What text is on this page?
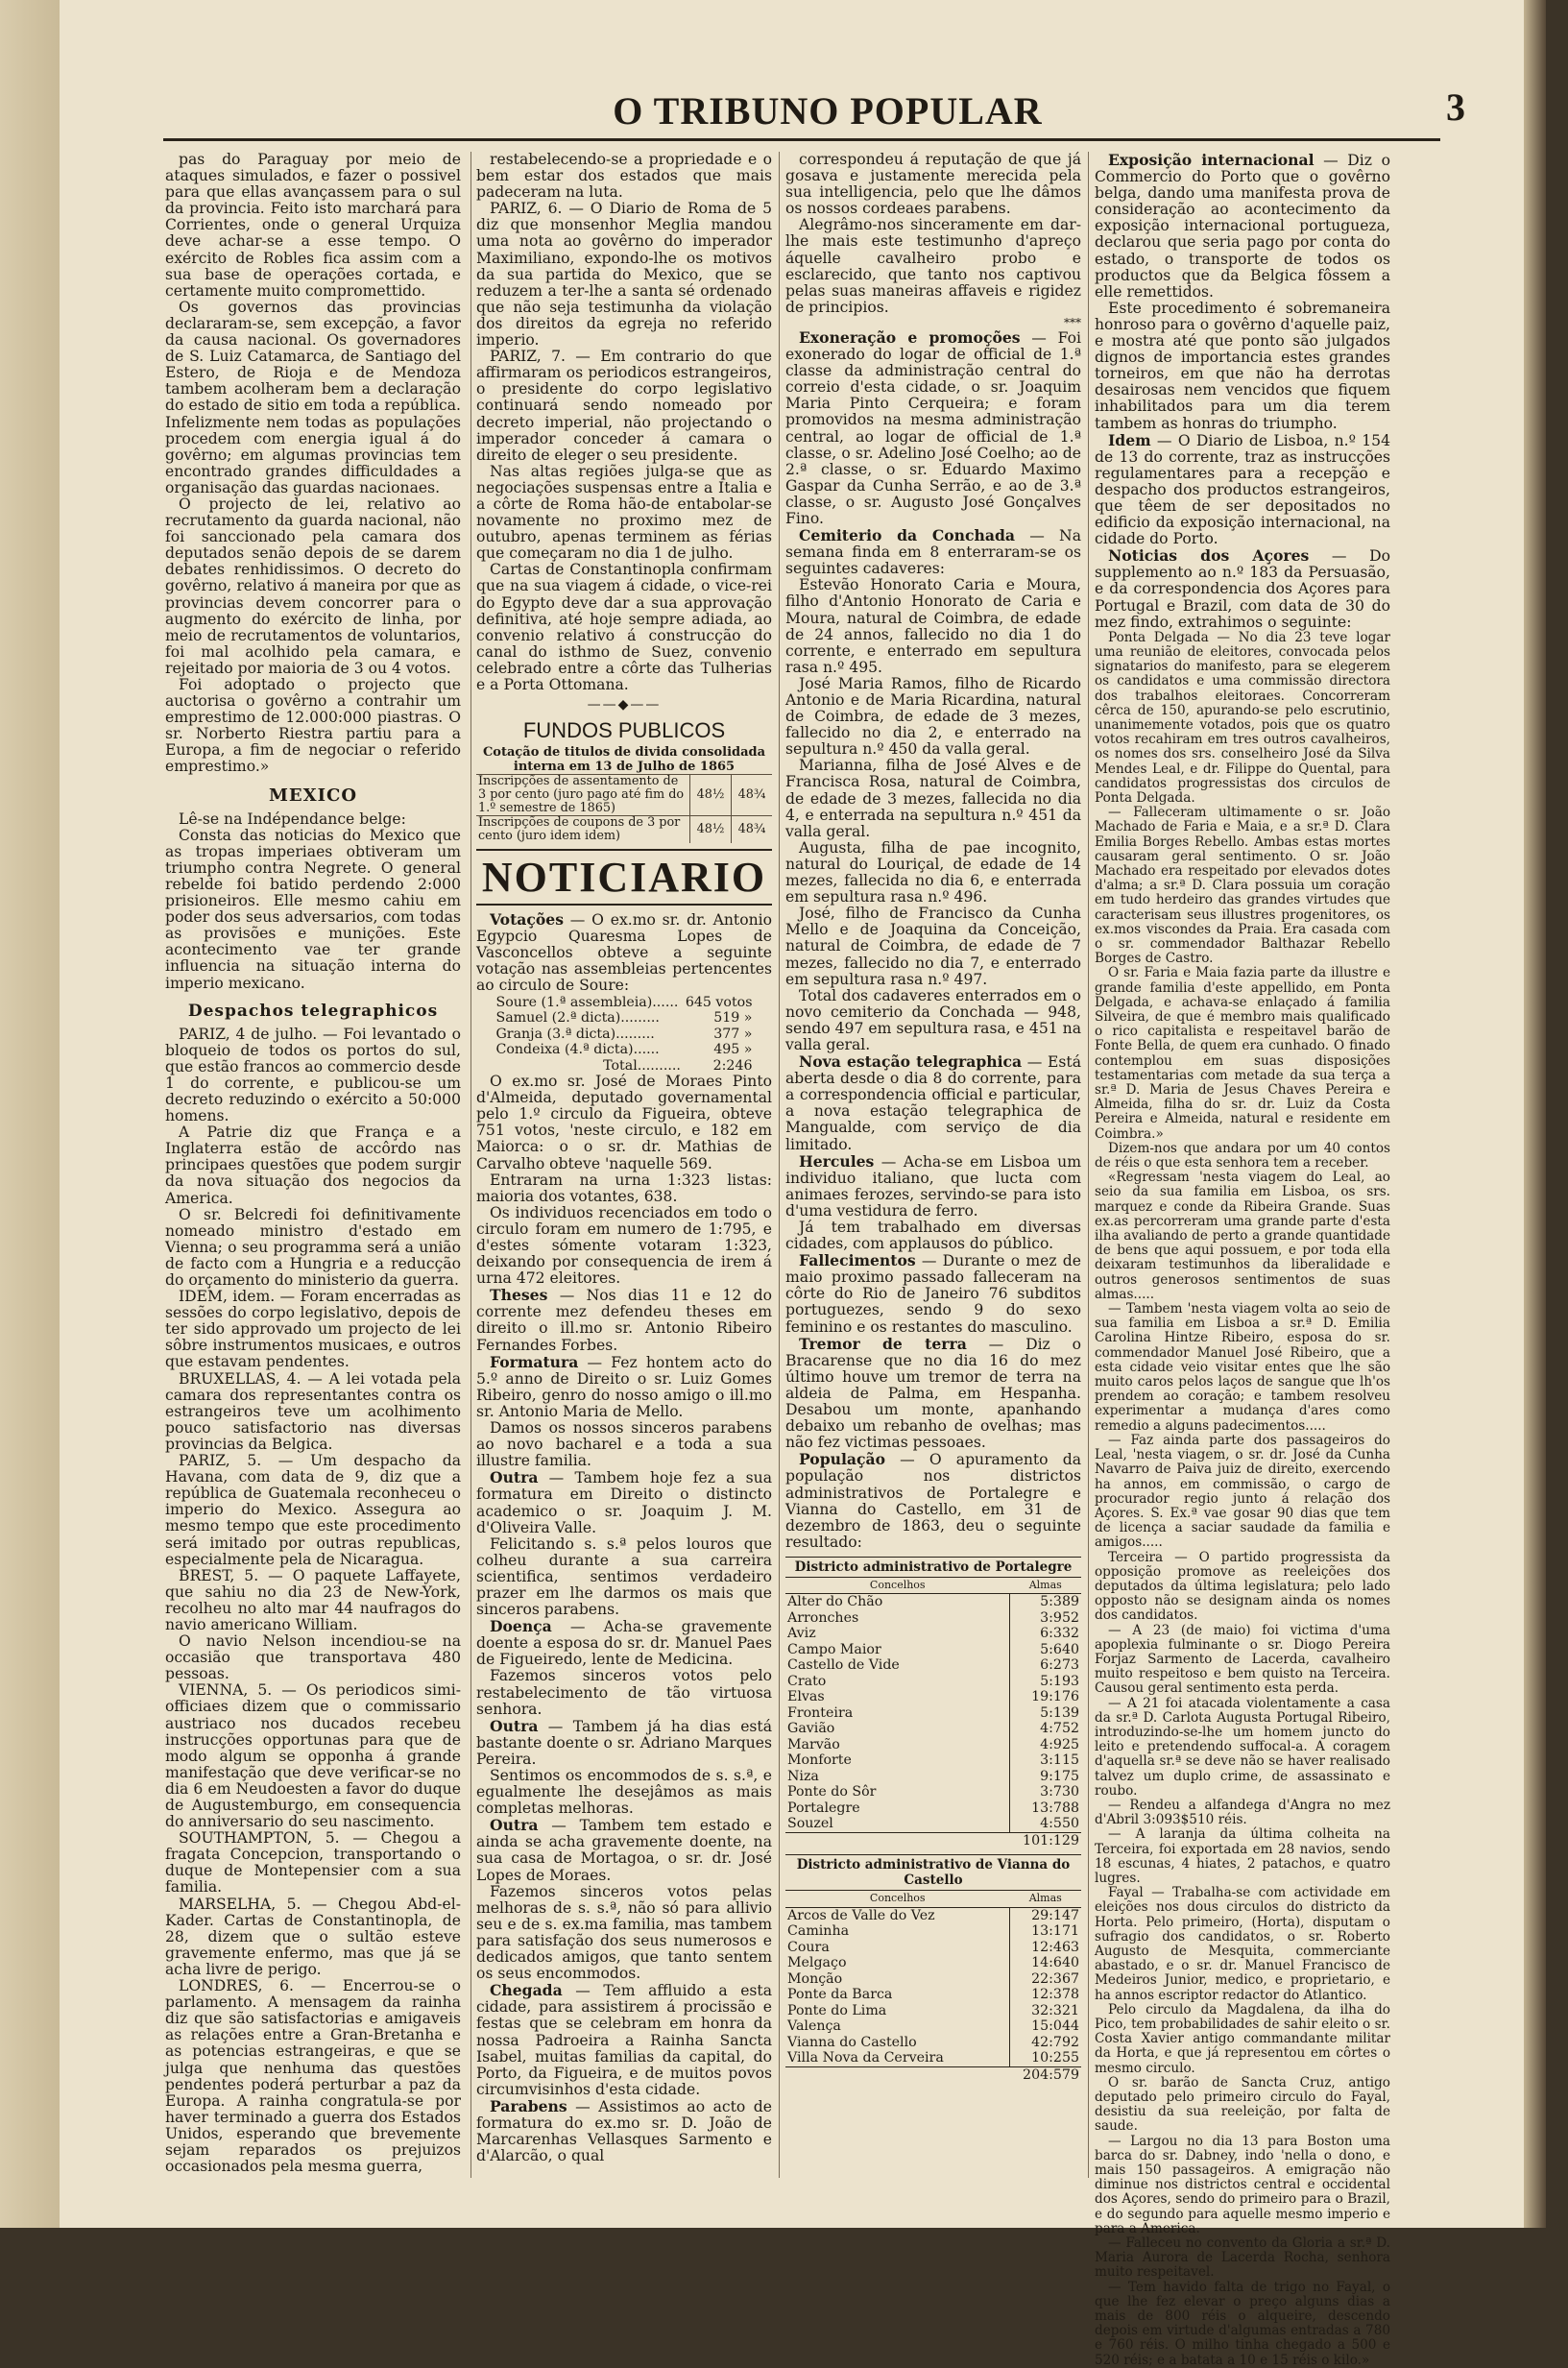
O TRIBUNO POPULAR	3

pas do Paraguay por meio de ataques simulados, e fazer o possivel para que ellas avançassem para o sul da provincia. Feito isto marchará para Corrientes, onde o general Urquiza deve achar-se a esse tempo. O exército de Robles fica assim com a sua base de operações cortada, e certamente muito compromettido.

Os governos das provincias declararam-se, sem excepção, a favor da causa nacional. Os governadores de S. Luiz Catamarca, de Santiago del Estero, de Rioja e de Mendoza tambem acolheram bem a declaração do estado de sitio em toda a república. Infelizmente nem todas as populações procedem com energia igual á do govêrno; em algumas provincias tem encontrado grandes difficuldades a organisação das guardas nacionaes.

O projecto de lei, relativo ao recrutamento da guarda nacional, não foi sanccionado pela camara dos deputados senão depois de se darem debates renhidissimos. O decreto do govêrno, relativo á maneira por que as provincias devem concorrer para o augmento do exército de linha, por meio de recrutamentos de voluntarios, foi mal acolhido pela camara, e rejeitado por maioria de 3 ou 4 votos.

Foi adoptado o projecto que auctorisa o govêrno a contrahir um emprestimo de 12.000:000 piastras. O sr. Norberto Riestra partiu para a Europa, a fim de negociar o referido emprestimo.»

MEXICO

Lê-se na Indépendance belge:

Consta das noticias do Mexico que as tropas imperiaes obtiveram um triumpho contra Negrete. O general rebelde foi batido perdendo 2:000 prisioneiros. Elle mesmo cahiu em poder dos seus adversarios, com todas as provisões e munições. Este acontecimento vae ter grande influencia na situação interna do imperio mexicano.

Despachos telegraphicos

PARIZ, 4 de julho. — Foi levantado o bloqueio de todos os portos do sul, que estão francos ao commercio desde 1 do corrente, e publicou-se um decreto reduzindo o exército a 50:000 homens.

A Patrie diz que França e a Inglaterra estão de accôrdo nas principaes questões que podem surgir da nova situação dos negocios da America.

O sr. Belcredi foi definitivamente nomeado ministro d'estado em Vienna; o seu programma será a união de facto com a Hungria e a reducção do orçamento do ministerio da guerra.

IDEM, idem. — Foram encerradas as sessões do corpo legislativo, depois de ter sido approvado um projecto de lei sôbre instrumentos musicaes, e outros que estavam pendentes.

BRUXELLAS, 4. — A lei votada pela camara dos representantes contra os estrangeiros teve um acolhimento pouco satisfactorio nas diversas provincias da Belgica.

PARIZ, 5. — Um despacho da Havana, com data de 9, diz que a república de Guatemala reconheceu o imperio do Mexico. Assegura ao mesmo tempo que este procedimento será imitado por outras republicas, especialmente pela de Nicaragua.

BREST, 5. — O paquete Laffayete, que sahiu no dia 23 de New-York, recolheu no alto mar 44 naufragos do navio americano William.

O navio Nelson incendiou-se na occasião que transportava 480 pessoas.

VIENNA, 5. — Os periodicos simi-officiaes dizem que o commissario austriaco nos ducados recebeu instrucções opportunas para que de modo algum se opponha á grande manifestação que deve verificar-se no dia 6 em Neudoesten a favor do duque de Augustemburgo, em consequencia do anniversario do seu nascimento.

SOUTHAMPTON, 5. — Chegou a fragata Concepcion, transportando o duque de Montepensier com a sua familia.

MARSELHA, 5. — Chegou Abd-el-Kader. Cartas de Constantinopla, de 28, dizem que o sultão esteve gravemente enfermo, mas que já se acha livre de perigo.

LONDRES, 6. — Encerrou-se o parlamento. A mensagem da rainha diz que são satisfactorias e amigaveis as relações entre a Gran-Bretanha e as potencias estrangeiras, e que se julga que nenhuma das questões pendentes poderá perturbar a paz da Europa. A rainha congratula-se por haver terminado a guerra dos Estados Unidos, esperando que brevemente sejam reparados os prejuizos occasionados pela mesma guerra,

restabelecendo-se a propriedade e o bem estar dos estados que mais padeceram na luta.

PARIZ, 6. — O Diario de Roma de 5 diz que monsenhor Meglia mandou uma nota ao govêrno do imperador Maximiliano, expondo-lhe os motivos da sua partida do Mexico, que se reduzem a ter-lhe a santa sé ordenado que não seja testimunha da violação dos direitos da egreja no referido imperio.

PARIZ, 7. — Em contrario do que affirmaram os periodicos estrangeiros, o presidente do corpo legislativo continuará sendo nomeado por decreto imperial, não projectando o imperador conceder á camara o direito de eleger o seu presidente.

Nas altas regiões julga-se que as negociações suspensas entre a Italia e a côrte de Roma hão-de entabolar-se novamente no proximo mez de outubro, apenas terminem as férias que começaram no dia 1 de julho.

Cartas de Constantinopla confirmam que na sua viagem á cidade, o vice-rei do Egypto deve dar a sua approvação definitiva, até hoje sempre adiada, ao convenio relativo á construcção do canal do isthmo de Suez, convenio celebrado entre a côrte das Tulherias e a Porta Ottomana.

——◆——
FUNDOS PUBLICOS
Cotação de titulos de divida consolidada interna em 13 de Julho de 1865
Inscripções de assentamento de 3 por cento (juro pago até fim do 1.º semestre de 1865)	48½	48¾
Inscripções de coupons de 3 por cento (juro idem idem)	48½	48¾
NOTICIARIO

Votações — O ex.mo sr. dr. Antonio Egypcio Quaresma Lopes de Vasconcellos obteve a seguinte votação nas assembleias pertencentes ao circulo de Soure:

Soure (1.ª assembleia)......	645 votos
Samuel (2.ª dicta).........	519 »
Granja (3.ª dicta).........	377 »
Condeixa (4.ª dicta)......	495 »
Total..........	2:246

O ex.mo sr. José de Moraes Pinto d'Almeida, deputado governamental pelo 1.º circulo da Figueira, obteve 751 votos, 'neste circulo, e 182 em Maiorca: o o sr. dr. Mathias de Carvalho obteve 'naquelle 569.

Entraram na urna 1:323 listas: maioria dos votantes, 638.

Os individuos recenciados em todo o circulo foram em numero de 1:795, e d'estes sómente votaram 1:323, deixando por consequencia de irem á urna 472 eleitores.

Theses — Nos dias 11 e 12 do corrente mez defendeu theses em direito o ill.mo sr. Antonio Ribeiro Fernandes Forbes.

Formatura — Fez hontem acto do 5.º anno de Direito o sr. Luiz Gomes Ribeiro, genro do nosso amigo o ill.mo sr. Antonio Maria de Mello.

Damos os nossos sinceros parabens ao novo bacharel e a toda a sua illustre familia.

Outra — Tambem hoje fez a sua formatura em Direito o distincto academico o sr. Joaquim J. M. d'Oliveira Valle.

Felicitando s. s.ª pelos louros que colheu durante a sua carreira scientifica, sentimos verdadeiro prazer em lhe darmos os mais que sinceros parabens.

Doença — Acha-se gravemente doente a esposa do sr. dr. Manuel Paes de Figueiredo, lente de Medicina.

Fazemos sinceros votos pelo restabelecimento de tão virtuosa senhora.

Outra — Tambem já ha dias está bastante doente o sr. Adriano Marques Pereira.

Sentimos os encommodos de s. s.ª, e egualmente lhe desejâmos as mais completas melhoras.

Outra — Tambem tem estado e ainda se acha gravemente doente, na sua casa de Mortagoa, o sr. dr. José Lopes de Moraes.

Fazemos sinceros votos pelas melhoras de s. s.ª, não só para allivio seu e de s. ex.ma familia, mas tambem para satisfação dos seus numerosos e dedicados amigos, que tanto sentem os seus encommodos.

Chegada — Tem affluido a esta cidade, para assistirem á procissão e festas que se celebram em honra da nossa Padroeira a Rainha Sancta Isabel, muitas familias da capital, do Porto, da Figueira, e de muitos povos circumvisinhos d'esta cidade.

Parabens — Assistimos ao acto de formatura do ex.mo sr. D. João de Marcarenhas Vellasques Sarmento e d'Alarcão, o qual

correspondeu á reputação de que já gosava e justamente merecida pela sua intelligencia, pelo que lhe dâmos os nossos cordeaes parabens.

Alegrâmo-nos sinceramente em dar-lhe mais este testimunho d'apreço áquelle cavalheiro probo e esclarecido, que tanto nos captivou pelas suas maneiras affaveis e rigidez de principios.

***

Exoneração e promoções — Foi exonerado do logar de official de 1.ª classe da administração central do correio d'esta cidade, o sr. Joaquim Maria Pinto Cerqueira; e foram promovidos na mesma administração central, ao logar de official de 1.ª classe, o sr. Adelino José Coelho; ao de 2.ª classe, o sr. Eduardo Maximo Gaspar da Cunha Serrão, e ao de 3.ª classe, o sr. Augusto José Gonçalves Fino.

Cemiterio da Conchada — Na semana finda em 8 enterraram-se os seguintes cadaveres:

Estevão Honorato Caria e Moura, filho d'Antonio Honorato de Caria e Moura, natural de Coimbra, de edade de 24 annos, fallecido no dia 1 do corrente, e enterrado em sepultura rasa n.º 495.

José Maria Ramos, filho de Ricardo Antonio e de Maria Ricardina, natural de Coimbra, de edade de 3 mezes, fallecido no dia 2, e enterrado na sepultura n.º 450 da valla geral.

Marianna, filha de José Alves e de Francisca Rosa, natural de Coimbra, de edade de 3 mezes, fallecida no dia 4, e enterrada na sepultura n.º 451 da valla geral.

Augusta, filha de pae incognito, natural do Louriçal, de edade de 14 mezes, fallecida no dia 6, e enterrada em sepultura rasa n.º 496.

José, filho de Francisco da Cunha Mello e de Joaquina da Conceição, natural de Coimbra, de edade de 7 mezes, fallecido no dia 7, e enterrado em sepultura rasa n.º 497.

Total dos cadaveres enterrados em o novo cemiterio da Conchada — 948, sendo 497 em sepultura rasa, e 451 na valla geral.

Nova estação telegraphica — Está aberta desde o dia 8 do corrente, para a correspondencia official e particular, a nova estação telegraphica de Mangualde, com serviço de dia limitado.

Hercules — Acha-se em Lisboa um individuo italiano, que lucta com animaes ferozes, servindo-se para isto d'uma vestidura de ferro.

Já tem trabalhado em diversas cidades, com applausos do público.

Fallecimentos — Durante o mez de maio proximo passado falleceram na côrte do Rio de Janeiro 76 subditos portuguezes, sendo 9 do sexo feminino e os restantes do masculino.

Tremor de terra — Diz o Bracarense que no dia 16 do mez último houve um tremor de terra na aldeia de Palma, em Hespanha. Desabou um monte, apanhando debaixo um rebanho de ovelhas; mas não fez victimas pessoaes.

População — O apuramento da população nos districtos administrativos de Portalegre e Vianna do Castello, em 31 de dezembro de 1863, deu o seguinte resultado:

Districto administrativo de Portalegre
Concelhos	Almas
Alter do Chão	5:389
Arronches	3:952
Aviz	6:332
Campo Maior	5:640
Castello de Vide	6:273
Crato	5:193
Elvas	19:176
Fronteira	5:139
Gavião	4:752
Marvão	4:925
Monforte	3:115
Niza	9:175
Ponte do Sôr	3:730
Portalegre	13:788
Souzel	4:550
	101:129
Districto administrativo de Vianna do Castello
Concelhos	Almas
Arcos de Valle do Vez	29:147
Caminha	13:171
Coura	12:463
Melgaço	14:640
Monção	22:367
Ponte da Barca	12:378
Ponte do Lima	32:321
Valença	15:044
Vianna do Castello	42:792
Villa Nova da Cerveira	10:255
	204:579

Exposição internacional — Diz o Commercio do Porto que o govêrno belga, dando uma manifesta prova de consideração ao acontecimento da exposição internacional portugueza, declarou que seria pago por conta do estado, o transporte de todos os productos que da Belgica fôssem a elle remettidos.

Este procedimento é sobremaneira honroso para o govêrno d'aquelle paiz, e mostra até que ponto são julgados dignos de importancia estes grandes torneiros, em que não ha derrotas desairosas nem vencidos que fiquem inhabilitados para um dia terem tambem as honras do triumpho.

Idem — O Diario de Lisboa, n.º 154 de 13 do corrente, traz as instrucções regulamentares para a recepção e despacho dos productos estrangeiros, que têem de ser depositados no edificio da exposição internacional, na cidade do Porto.

Noticias dos Açores — Do supplemento ao n.º 183 da Persuasão, e da correspondencia dos Açores para Portugal e Brazil, com data de 30 do mez findo, extrahimos o seguinte:

Ponta Delgada — No dia 23 teve logar uma reunião de eleitores, convocada pelos signatarios do manifesto, para se elegerem os candidatos e uma commissão directora dos trabalhos eleitoraes. Concorreram cêrca de 150, apurando-se pelo escrutinio, unanimemente votados, pois que os quatro votos recahiram em tres outros cavalheiros, os nomes dos srs. conselheiro José da Silva Mendes Leal, e dr. Filippe do Quental, para candidatos progressistas dos circulos de Ponta Delgada.

— Falleceram ultimamente o sr. João Machado de Faria e Maia, e a sr.ª D. Clara Emilia Borges Rebello. Ambas estas mortes causaram geral sentimento. O sr. João Machado era respeitado por elevados dotes d'alma; a sr.ª D. Clara possuia um coração em tudo herdeiro das grandes virtudes que caracterisam seus illustres progenitores, os ex.mos viscondes da Praia. Era casada com o sr. commendador Balthazar Rebello Borges de Castro.

O sr. Faria e Maia fazia parte da illustre e grande familia d'este appellido, em Ponta Delgada, e achava-se enlaçado á familia Silveira, de que é membro mais qualificado o rico capitalista e respeitavel barão de Fonte Bella, de quem era cunhado. O finado contemplou em suas disposições testamentarias com metade da sua terça a sr.ª D. Maria de Jesus Chaves Pereira e Almeida, filha do sr. dr. Luiz da Costa Pereira e Almeida, natural e residente em Coimbra.»

Dizem-nos que andara por um 40 contos de réis o que esta senhora tem a receber.

«Regressam 'nesta viagem do Leal, ao seio da sua familia em Lisboa, os srs. marquez e conde da Ribeira Grande. Suas ex.as percorreram uma grande parte d'esta ilha avaliando de perto a grande quantidade de bens que aqui possuem, e por toda ella deixaram testimunhos da liberalidade e outros generosos sentimentos de suas almas.....

— Tambem 'nesta viagem volta ao seio de sua familia em Lisboa a sr.ª D. Emilia Carolina Hintze Ribeiro, esposa do sr. commendador Manuel José Ribeiro, que a esta cidade veio visitar entes que lhe são muito caros pelos laços de sangue que lh'os prendem ao coração; e tambem resolveu experimentar a mudança d'ares como remedio a alguns padecimentos.....

— Faz ainda parte dos passageiros do Leal, 'nesta viagem, o sr. dr. José da Cunha Navarro de Paiva juiz de direito, exercendo ha annos, em commissão, o cargo de procurador regio junto á relação dos Açores. S. Ex.ª vae gosar 90 dias que tem de licença a saciar saudade da familia e amigos.....

Terceira — O partido progressista da opposição promove as reeleições dos deputados da última legislatura; pelo lado opposto não se designam ainda os nomes dos candidatos.

— A 23 (de maio) foi victima d'uma apoplexia fulminante o sr. Diogo Pereira Forjaz Sarmento de Lacerda, cavalheiro muito respeitoso e bem quisto na Terceira. Causou geral sentimento esta perda.

— A 21 foi atacada violentamente a casa da sr.ª D. Carlota Augusta Portugal Ribeiro, introduzindo-se-lhe um homem juncto do leito e pretendendo suffocal-a. A coragem d'aquella sr.ª se deve não se haver realisado talvez um duplo crime, de assassinato e roubo.

— Rendeu a alfandega d'Angra no mez d'Abril 3:093$510 réis.

— A laranja da última colheita na Terceira, foi exportada em 28 navios, sendo 18 escunas, 4 hiates, 2 patachos, e quatro lugres.

Fayal — Trabalha-se com actividade em eleições nos dous circulos do districto da Horta. Pelo primeiro, (Horta), disputam o sufragio dos candidatos, o sr. Roberto Augusto de Mesquita, commerciante abastado, e o sr. dr. Manuel Francisco de Medeiros Junior, medico, e proprietario, e ha annos escriptor redactor do Atlantico.

Pelo circulo da Magdalena, da ilha do Pico, tem probabilidades de sahir eleito o sr. Costa Xavier antigo commandante militar da Horta, e que já representou em côrtes o mesmo circulo.

O sr. barão de Sancta Cruz, antigo deputado pelo primeiro circulo do Fayal, desistiu da sua reeleição, por falta de saude.

— Largou no dia 13 para Boston uma barca do sr. Dabney, indo 'nella o dono, e mais 150 passageiros. A emigração não diminue nos districtos central e occidental dos Açores, sendo do primeiro para o Brazil, e do segundo para aquelle mesmo imperio e para a America.

— Falleceu no convento da Gloria a sr.ª D. Maria Aurora de Lacerda Rocha, senhora muito respeitavel.

— Tem havido falta de trigo no Fayal, o que lhe fez elevar o preço alguns dias a mais de 800 réis o alqueire, descendo depois em virtude d'algumas entradas a 780 e 760 réis. O milho tinha chegado a 500 e 520 réis; e a batata a 10 e 15 réis o kilo.»
